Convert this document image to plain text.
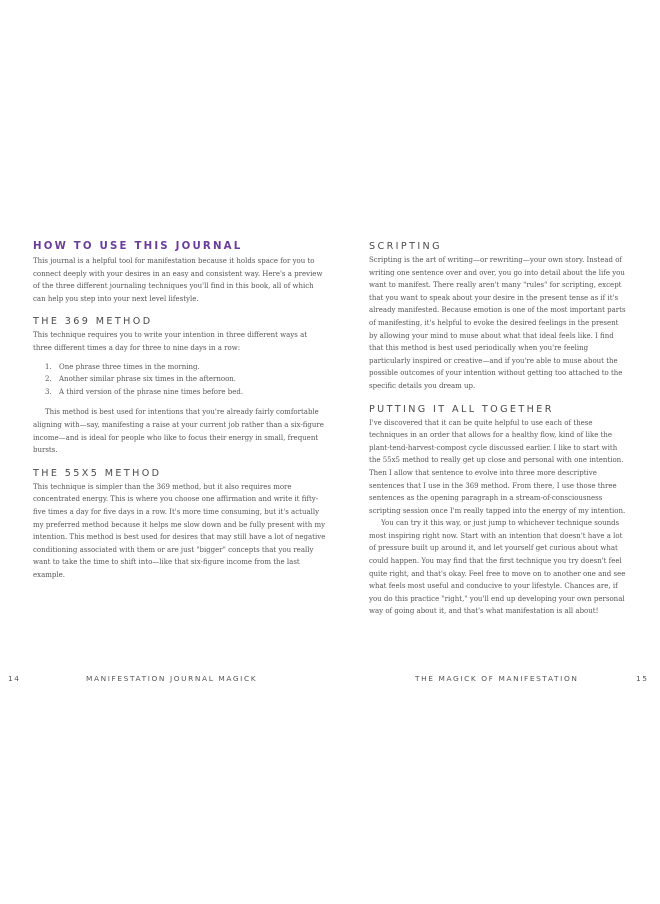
HOW TO USE THIS JOURNAL

This journal is a helpful tool for manifestation because it holds space for you to connect deeply with your desires in an easy and consistent way. Here's a preview of the three different journaling techniques you'll find in this book, all of which can help you step into your next level lifestyle.

THE 369 METHOD

This technique requires you to write your intention in three different ways at three different times a day for three to nine days in a row:

1.	One phrase three times in the morning.
2.	Another similar phrase six times in the afternoon.
3.	A third version of the phrase nine times before bed.

This method is best used for intentions that you're already fairly comfortable aligning with—say, manifesting a raise at your current job rather than a six-figure income—and is ideal for people who like to focus their energy in small, frequent bursts.

THE 55X5 METHOD

This technique is simpler than the 369 method, but it also requires more concentrated energy. This is where you choose one affirmation and write it fifty-five times a day for five days in a row. It's more time consuming, but it's actually my preferred method because it helps me slow down and be fully present with my intention. This method is best used for desires that may still have a lot of negative conditioning associated with them or are just "bigger" concepts that you really want to take the time to shift into—like that six-figure income from the last example.

SCRIPTING

Scripting is the art of writing—or rewriting—your own story. Instead of writing one sentence over and over, you go into detail about the life you want to manifest. There really aren't many "rules" for scripting, except that you want to speak about your desire in the present tense as if it's already manifested. Because emotion is one of the most important parts of manifesting, it's helpful to evoke the desired feelings in the present by allowing your mind to muse about what that ideal feels like. I find that this method is best used periodically when you're feeling particularly inspired or creative—and if you're able to muse about the possible outcomes of your intention without getting too attached to the specific details you dream up.

PUTTING IT ALL TOGETHER

I've discovered that it can be quite helpful to use each of these techniques in an order that allows for a healthy flow, kind of like the plant-tend-harvest-compost cycle discussed earlier. I like to start with the 55x5 method to really get up close and personal with one intention. Then I allow that sentence to evolve into three more descriptive sentences that I use in the 369 method. From there, I use those three sentences as the opening paragraph in a stream-of-consciousness scripting session once I'm really tapped into the energy of my intention.

You can try it this way, or just jump to whichever technique sounds most inspiring right now. Start with an intention that doesn't have a lot of pressure built up around it, and let yourself get curious about what could happen. You may find that the first technique you try doesn't feel quite right, and that's okay. Feel free to move on to another one and see what feels most useful and conducive to your lifestyle. Chances are, if you do this practice "right," you'll end up developing your own personal way of going about it, and that's what manifestation is all about!

14	MANIFESTATION JOURNAL MAGICK	THE MAGICK OF MANIFESTATION	15
